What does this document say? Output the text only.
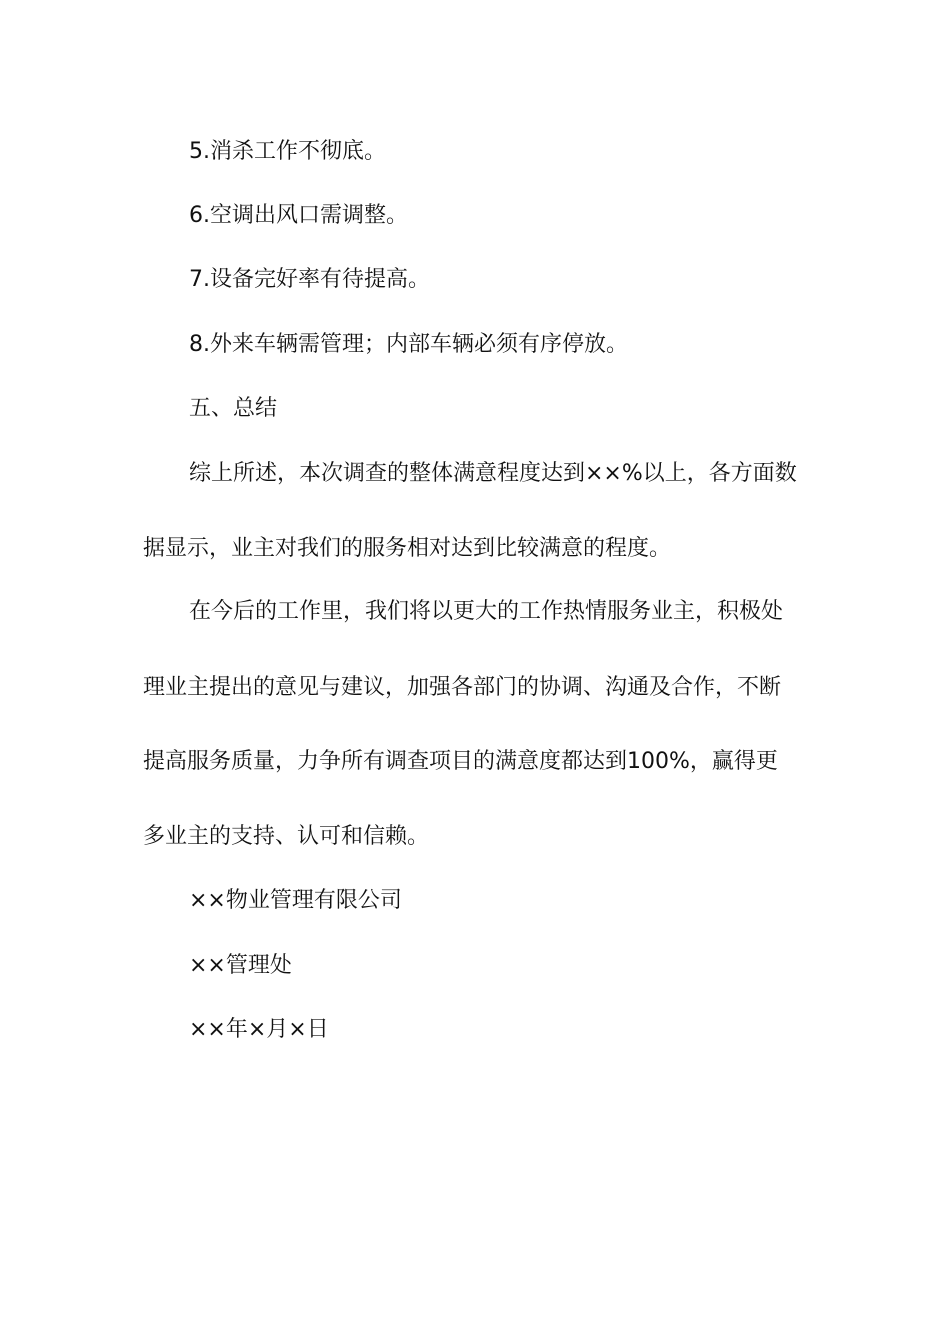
5.消杀工作不彻底。
6.空调出风口需调整。
7.设备完好率有待提高。
8.外来车辆需管理；内部车辆必须有序停放。
五、总结
综上所述，本次调查的整体满意程度达到××%以上，各方面数
据显示，业主对我们的服务相对达到比较满意的程度。
在今后的工作里，我们将以更大的工作热情服务业主，积极处
理业主提出的意见与建议，加强各部门的协调、沟通及合作，不断
提高服务质量，力争所有调查项目的满意度都达到100%，赢得更
多业主的支持、认可和信赖。
××物业管理有限公司
××管理处
××年×月×日
